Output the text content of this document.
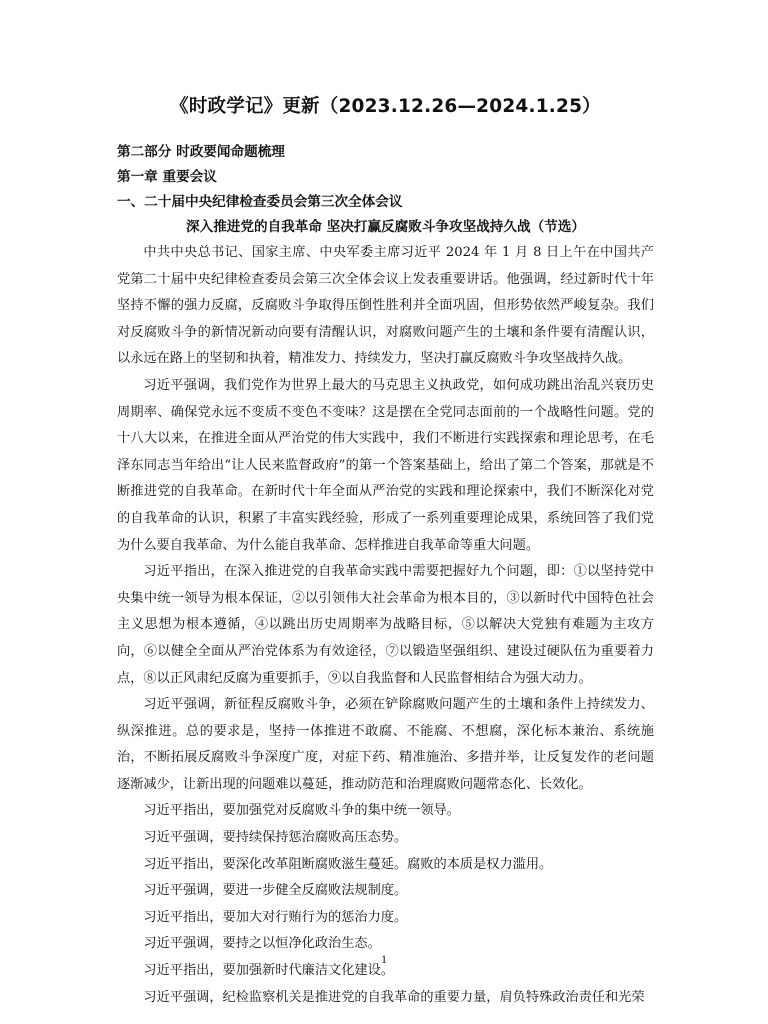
《时政学记》更新（2023.12.26—2024.1.25）

第二部分 时政要闻命题梳理

第一章 重要会议

一、二十届中央纪律检查委员会第三次全体会议

深入推进党的自我革命 坚决打赢反腐败斗争攻坚战持久战（节选）

中共中央总书记、国家主席、中央军委主席习近平 2024 年 1 月 8 日上午在中国共产党第二十届中央纪律检查委员会第三次全体会议上发表重要讲话。他强调，经过新时代十年坚持不懈的强力反腐，反腐败斗争取得压倒性胜利并全面巩固，但形势依然严峻复杂。我们对反腐败斗争的新情况新动向要有清醒认识，对腐败问题产生的土壤和条件要有清醒认识，以永远在路上的坚韧和执着，精准发力、持续发力，坚决打赢反腐败斗争攻坚战持久战。

习近平强调，我们党作为世界上最大的马克思主义执政党，如何成功跳出治乱兴衰历史周期率、确保党永远不变质不变色不变味？这是摆在全党同志面前的一个战略性问题。党的十八大以来，在推进全面从严治党的伟大实践中，我们不断进行实践探索和理论思考，在毛泽东同志当年给出“让人民来监督政府”的第一个答案基础上，给出了第二个答案，那就是不断推进党的自我革命。在新时代十年全面从严治党的实践和理论探索中，我们不断深化对党的自我革命的认识，积累了丰富实践经验，形成了一系列重要理论成果，系统回答了我们党为什么要自我革命、为什么能自我革命、怎样推进自我革命等重大问题。

习近平指出，在深入推进党的自我革命实践中需要把握好九个问题，即：①以坚持党中央集中统一领导为根本保证，②以引领伟大社会革命为根本目的，③以新时代中国特色社会主义思想为根本遵循，④以跳出历史周期率为战略目标，⑤以解决大党独有难题为主攻方向，⑥以健全全面从严治党体系为有效途径，⑦以锻造坚强组织、建设过硬队伍为重要着力点，⑧以正风肃纪反腐为重要抓手，⑨以自我监督和人民监督相结合为强大动力。

习近平强调，新征程反腐败斗争，必须在铲除腐败问题产生的土壤和条件上持续发力、纵深推进。总的要求是，坚持一体推进不敢腐、不能腐、不想腐，深化标本兼治、系统施治，不断拓展反腐败斗争深度广度，对症下药、精准施治、多措并举，让反复发作的老问题逐渐减少，让新出现的问题难以蔓延，推动防范和治理腐败问题常态化、长效化。

习近平指出，要加强党对反腐败斗争的集中统一领导。

习近平强调，要持续保持惩治腐败高压态势。

习近平指出，要深化改革阻断腐败滋生蔓延。腐败的本质是权力滥用。

习近平强调，要进一步健全反腐败法规制度。

习近平指出，要加大对行贿行为的惩治力度。

习近平强调，要持之以恒净化政治生态。

习近平指出，要加强新时代廉洁文化建设。

习近平强调，纪检监察机关是推进党的自我革命的重要力量，肩负特殊政治责任和光荣

1
